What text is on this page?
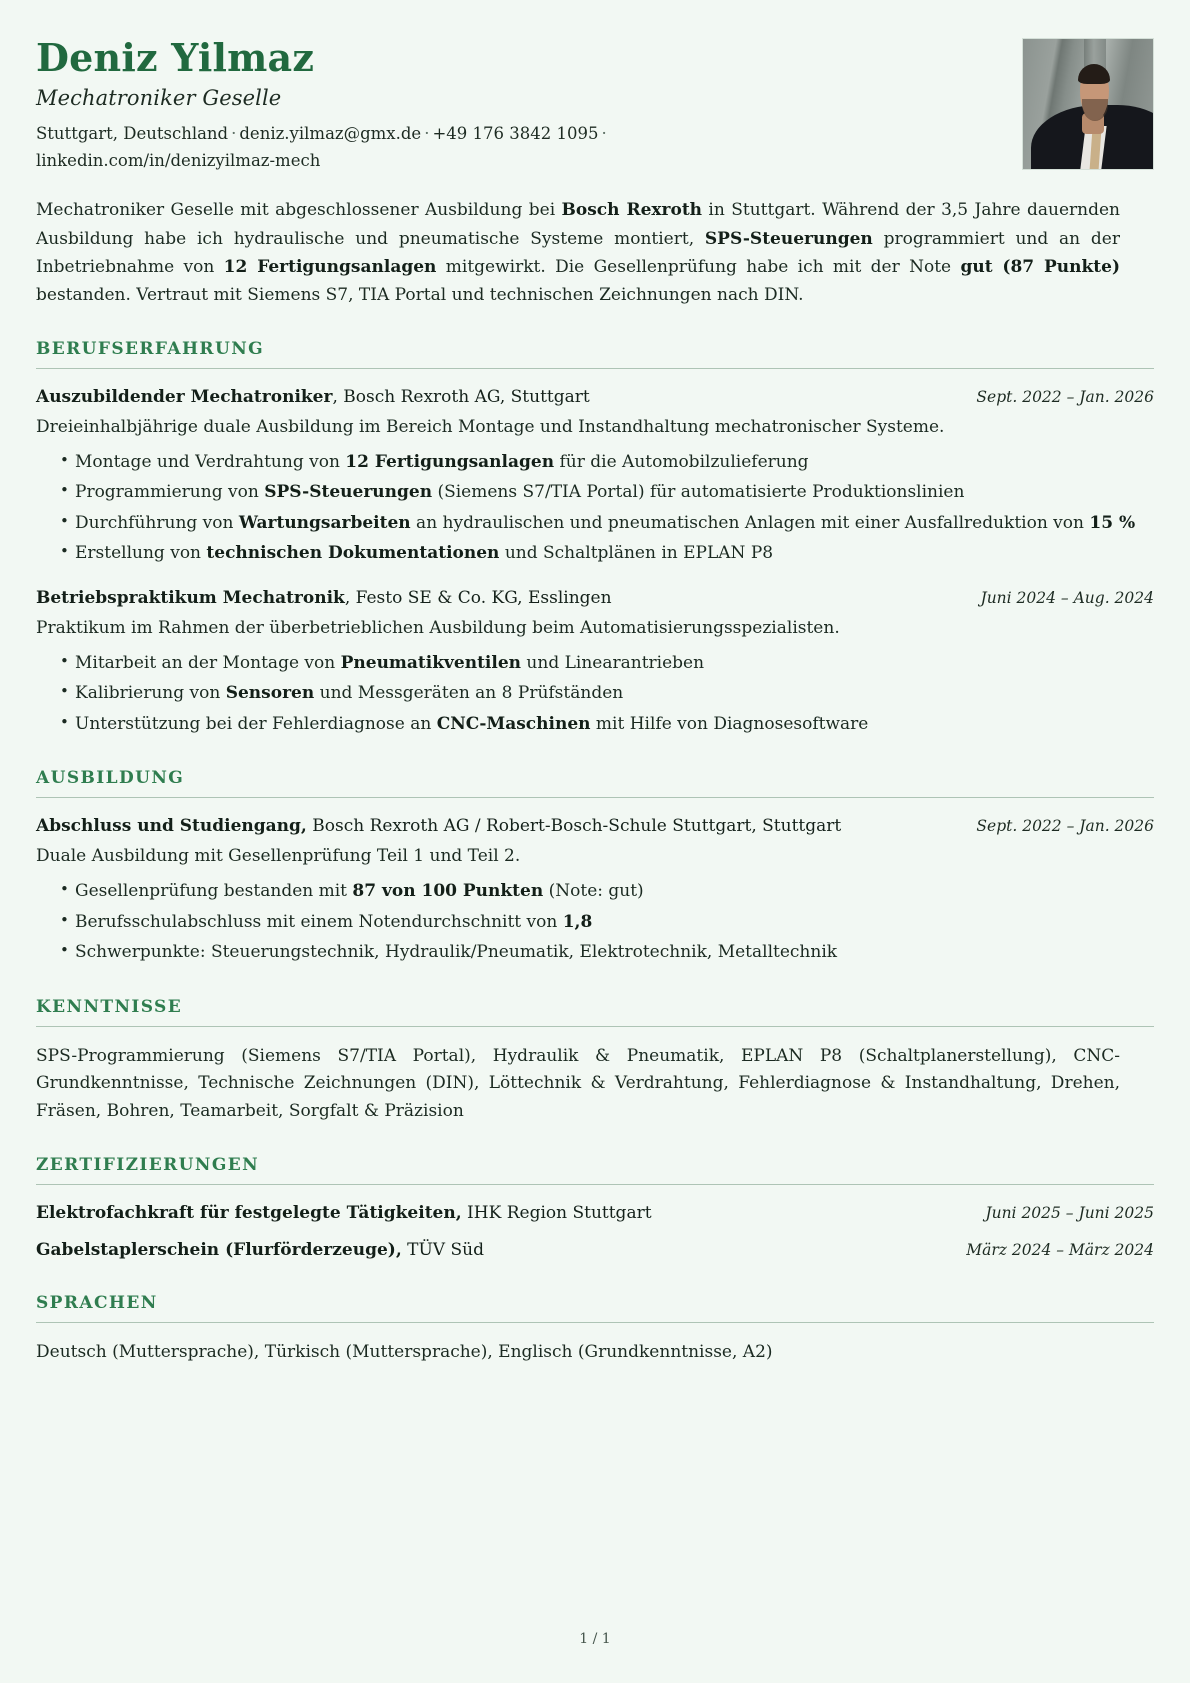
Deniz Yilmaz
Mechatroniker Geselle
Stuttgart, Deutschland · deniz.yilmaz@gmx.de · +49 176 3842 1095 · linkedin.com/in/denizyilmaz-mech
Mechatroniker Geselle mit abgeschlossener Ausbildung bei Bosch Rexroth in Stuttgart. Während der 3,5 Jahre dauernden Ausbildung habe ich hydraulische und pneumatische Systeme montiert, SPS-Steuerungen programmiert und an der Inbetriebnahme von 12 Fertigungsanlagen mitgewirkt. Die Gesellenprüfung habe ich mit der Note gut (87 Punkte) bestanden. Vertraut mit Siemens S7, TIA Portal und technischen Zeichnungen nach DIN.
BERUFSERFAHRUNG
Auszubildender Mechatroniker, Bosch Rexroth AG, Stuttgart	Sept. 2022 – Jan. 2026
Dreieinhalbjährige duale Ausbildung im Bereich Montage und Instandhaltung mechatronischer Systeme.
• Montage und Verdrahtung von 12 Fertigungsanlagen für die Automobilzulieferung
• Programmierung von SPS-Steuerungen (Siemens S7/TIA Portal) für automatisierte Produktionslinien
• Durchführung von Wartungsarbeiten an hydraulischen und pneumatischen Anlagen mit einer Ausfallreduktion von 15 %
• Erstellung von technischen Dokumentationen und Schaltplänen in EPLAN P8
Betriebspraktikum Mechatronik, Festo SE & Co. KG, Esslingen	Juni 2024 – Aug. 2024
Praktikum im Rahmen der überbetrieblichen Ausbildung beim Automatisierungsspezialisten.
• Mitarbeit an der Montage von Pneumatikventilen und Linearantrieben
• Kalibrierung von Sensoren und Messgeräten an 8 Prüfständen
• Unterstützung bei der Fehlerdiagnose an CNC-Maschinen mit Hilfe von Diagnosesoftware
AUSBILDUNG
Abschluss und Studiengang, Bosch Rexroth AG / Robert-Bosch-Schule Stuttgart, Stuttgart	Sept. 2022 – Jan. 2026
Duale Ausbildung mit Gesellenprüfung Teil 1 und Teil 2.
• Gesellenprüfung bestanden mit 87 von 100 Punkten (Note: gut)
• Berufsschulabschluss mit einem Notendurchschnitt von 1,8
• Schwerpunkte: Steuerungstechnik, Hydraulik/Pneumatik, Elektrotechnik, Metalltechnik
KENNTNISSE
SPS-Programmierung (Siemens S7/TIA Portal), Hydraulik & Pneumatik, EPLAN P8 (Schaltplanerstellung), CNC-Grundkenntnisse, Technische Zeichnungen (DIN), Löttechnik & Verdrahtung, Fehlerdiagnose & Instandhaltung, Drehen, Fräsen, Bohren, Teamarbeit, Sorgfalt & Präzision
ZERTIFIZIERUNGEN
Elektrofachkraft für festgelegte Tätigkeiten, IHK Region Stuttgart	Juni 2025 – Juni 2025
Gabelstaplerschein (Flurförderzeuge), TÜV Süd	März 2024 – März 2024
SPRACHEN
Deutsch (Muttersprache), Türkisch (Muttersprache), Englisch (Grundkenntnisse, A2)
1 / 1
